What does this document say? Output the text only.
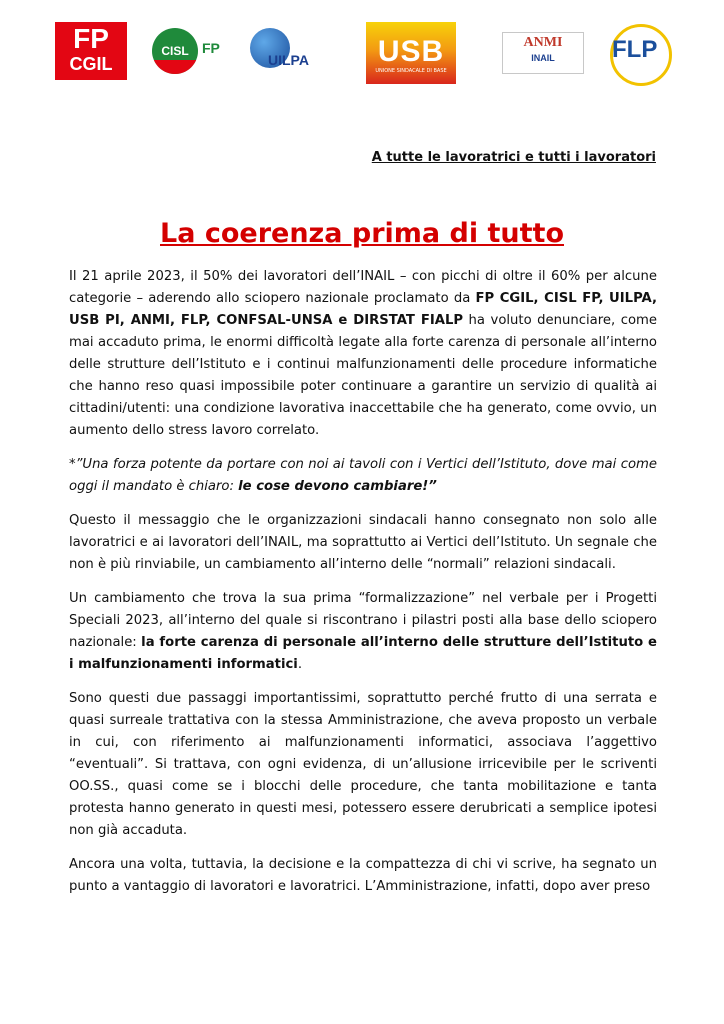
FP
CGIL
CISL FP
UILPA	USB
UNIONE SINDACALE DI BASE
ANMI
INAIL	FLP
A tutte le lavoratrici e tutti i lavoratori
La coerenza prima di tutto

Il 21 aprile 2023, il 50% dei lavoratori dell’INAIL – con picchi di oltre il 60% per alcune categorie – aderendo allo sciopero nazionale proclamato da FP CGIL, CISL FP, UILPA, USB PI, ANMI, FLP, CONFSAL-UNSA e DIRSTAT FIALP ha voluto denunciare, come mai accaduto prima, le enormi difficoltà legate alla forte carenza di personale all’interno delle strutture dell’Istituto e i continui malfunzionamenti delle procedure informatiche che hanno reso quasi impossibile poter continuare a garantire un servizio di qualità ai cittadini/utenti: una condizione lavorativa inaccettabile che ha generato, come ovvio, un aumento dello stress lavoro correlato.

*”Una forza potente da portare con noi ai tavoli con i Vertici dell’Istituto, dove mai come oggi il mandato è chiaro: le cose devono cambiare!”

Questo il messaggio che le organizzazioni sindacali hanno consegnato non solo alle lavoratrici e ai lavoratori dell’INAIL, ma soprattutto ai Vertici dell’Istituto. Un segnale che non è più rinviabile, un cambiamento all’interno delle “normali” relazioni sindacali.

Un cambiamento che trova la sua prima “formalizzazione” nel verbale per i Progetti Speciali 2023, all’interno del quale si riscontrano i pilastri posti alla base dello sciopero nazionale: la forte carenza di personale all’interno delle strutture dell’Istituto e i malfunzionamenti informatici.

Sono questi due passaggi importantissimi, soprattutto perché frutto di una serrata e quasi surreale trattativa con la stessa Amministrazione, che aveva proposto un verbale in cui, con riferimento ai malfunzionamenti informatici, associava l’aggettivo “eventuali”. Si trattava, con ogni evidenza, di un’allusione irricevibile per le scriventi OO.SS., quasi come se i blocchi delle procedure, che tanta mobilitazione e tanta protesta hanno generato in questi mesi, potessero essere derubricati a semplice ipotesi non già accaduta.

Ancora una volta, tuttavia, la decisione e la compattezza di chi vi scrive, ha segnato un punto a vantaggio di lavoratori e lavoratrici. L’Amministrazione, infatti, dopo aver preso
